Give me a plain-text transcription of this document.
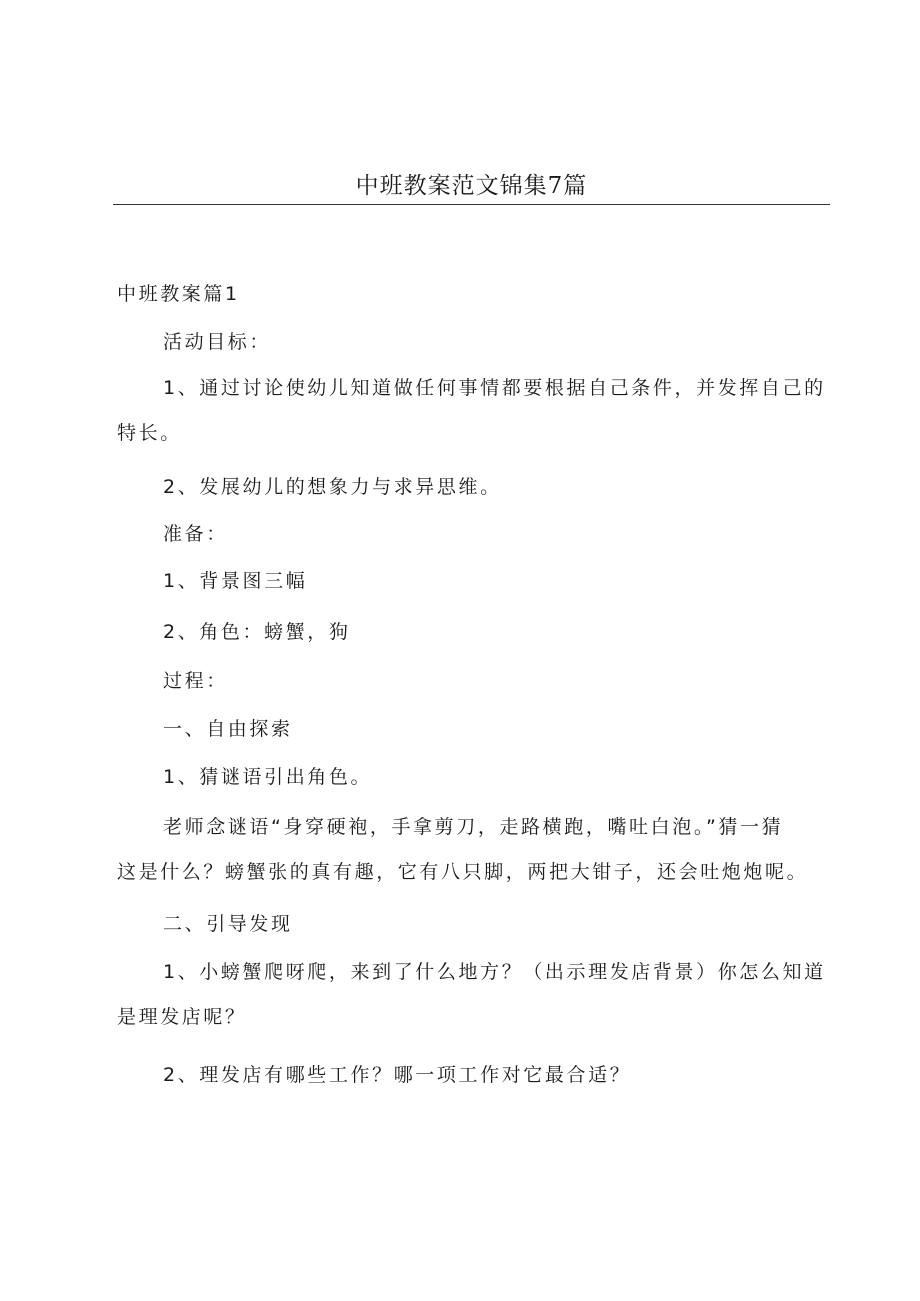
中班教案范文锦集7篇

中班教案篇1

活动目标：

1、通过讨论使幼儿知道做任何事情都要根据自己条件，并发挥自己的
特长。

2、发展幼儿的想象力与求异思维。

准备：

1、背景图三幅

2、角色：螃蟹，狗

过程：

一、自由探索

1、猜谜语引出角色。

老师念谜语“身穿硬袍，手拿剪刀，走路横跑，嘴吐白泡。”猜一猜
这是什么？螃蟹张的真有趣，它有八只脚，两把大钳子，还会吐炮炮呢。

二、引导发现

1、小螃蟹爬呀爬，来到了什么地方？（出示理发店背景）你怎么知道
是理发店呢？

2、理发店有哪些工作？哪一项工作对它最合适？
